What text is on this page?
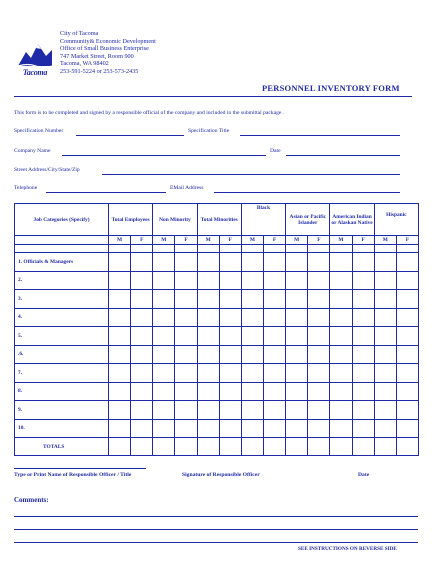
Tacoma
City of Tacoma
Community& Economic Development
Office of Small Business Enterprise
747 Market Street, Room 900
Tacoma, WA 98402
253-591-5224 or 253-573-2435
PERSONNEL INVENTORY FORM
This form is to be completed and signed by a responsible official of the company and included in the submittal package .
Specification Number	Specification Title
Company Name	Date
Street Address/City/State/Zip
Telephone	EMail Address
Job Categories (Specify)	Total Employees		Non Minority		Total Minorities		Black		Asian or Pacific Islander		American Indian or Alaskan Native		Hispanic	
	M	F	M	F	M	F	M	F	M	F	M	F	M	F

1. Officials & Managers														
2.														
3.														
4.														
5.														
.6.														
7.														
8.														
9.														
10.														
TOTALS														
Type or Print Name of Responsible Officer / Title	Signature of Responsible Officer	Date
Comments:
SEE INSTRUCTIONS ON REVERSE SIDE
